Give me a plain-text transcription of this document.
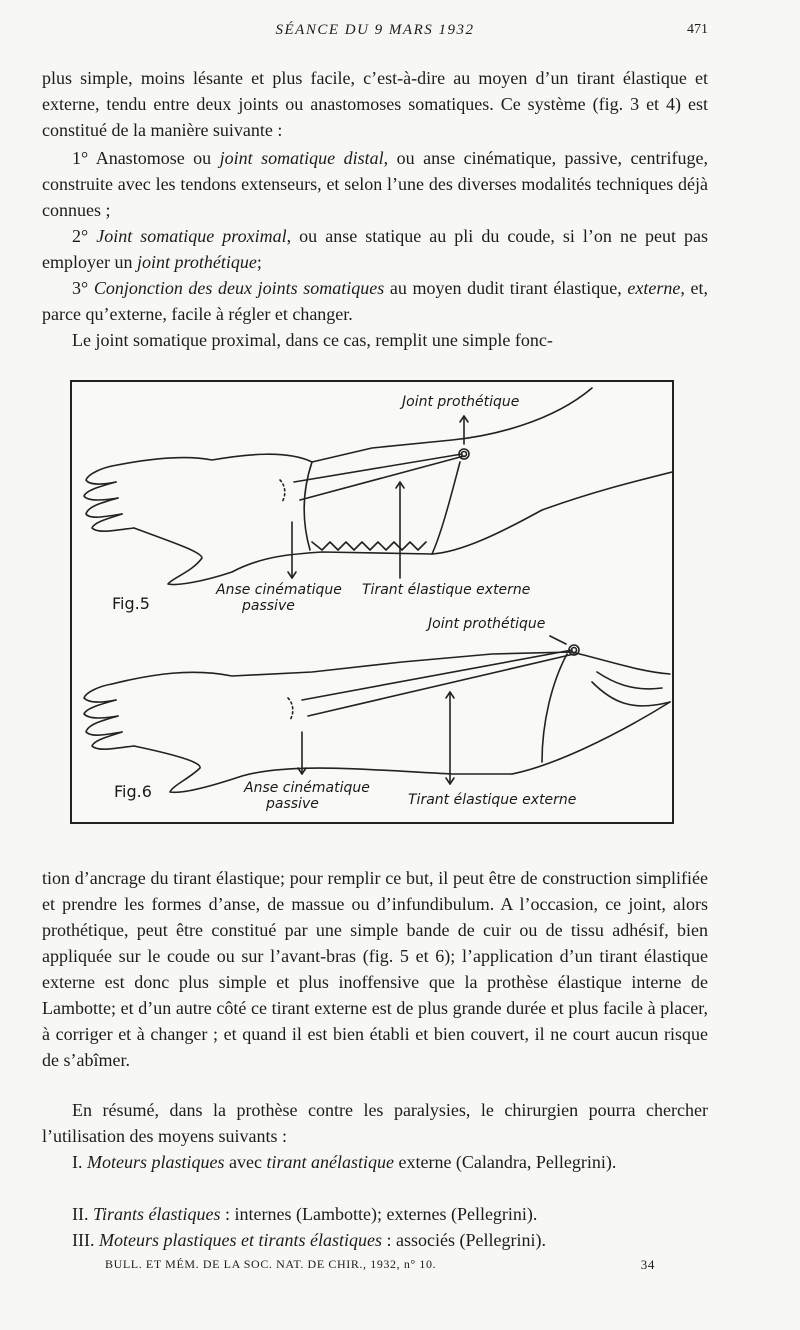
SÉANCE DU 9 MARS 1932	471

plus simple, moins lésante et plus facile, c’est-à-dire au moyen d’un tirant élastique et externe, tendu entre deux joints ou anastomoses somatiques. Ce système (fig. 3 et 4) est constitué de la manière suivante :

1° Anastomose ou joint somatique distal, ou anse cinématique, passive, centrifuge, construite avec les tendons extenseurs, et selon l’une des diverses modalités techniques déjà connues ;

2° Joint somatique proximal, ou anse statique au pli du coude, si l’on ne peut pas employer un joint prothétique;

3° Conjonction des deux joints somatiques au moyen dudit tirant élastique, externe, et, parce qu’externe, facile à régler et changer.

Le joint somatique proximal, dans ce cas, remplit une simple fonc-

Joint prothétique
Fig.5
Anse cinématique
passive
Tirant élastique externe
Joint prothétique
Fig.6	Anse cinématique
passive	Tirant élastique externe

tion d’ancrage du tirant élastique; pour remplir ce but, il peut être de construction simplifiée et prendre les formes d’anse, de massue ou d’infundibulum. A l’occasion, ce joint, alors prothétique, peut être constitué par une simple bande de cuir ou de tissu adhésif, bien appliquée sur le coude ou sur l’avant-bras (fig. 5 et 6); l’application d’un tirant élastique externe est donc plus simple et plus inoffensive que la prothèse élastique interne de Lambotte; et d’un autre côté ce tirant externe est de plus grande durée et plus facile à placer, à corriger et à changer ; et quand il est bien établi et bien couvert, il ne court aucun risque de s’abîmer.

En résumé, dans la prothèse contre les paralysies, le chirurgien pourra chercher l’utilisation des moyens suivants :

I. Moteurs plastiques avec tirant anélastique externe (Calandra, Pellegrini).

II. Tirants élastiques : internes (Lambotte); externes (Pellegrini).

III. Moteurs plastiques et tirants élastiques : associés (Pellegrini).

BULL. ET MÉM. DE LA SOC. NAT. DE CHIR., 1932, n° 10.	34
